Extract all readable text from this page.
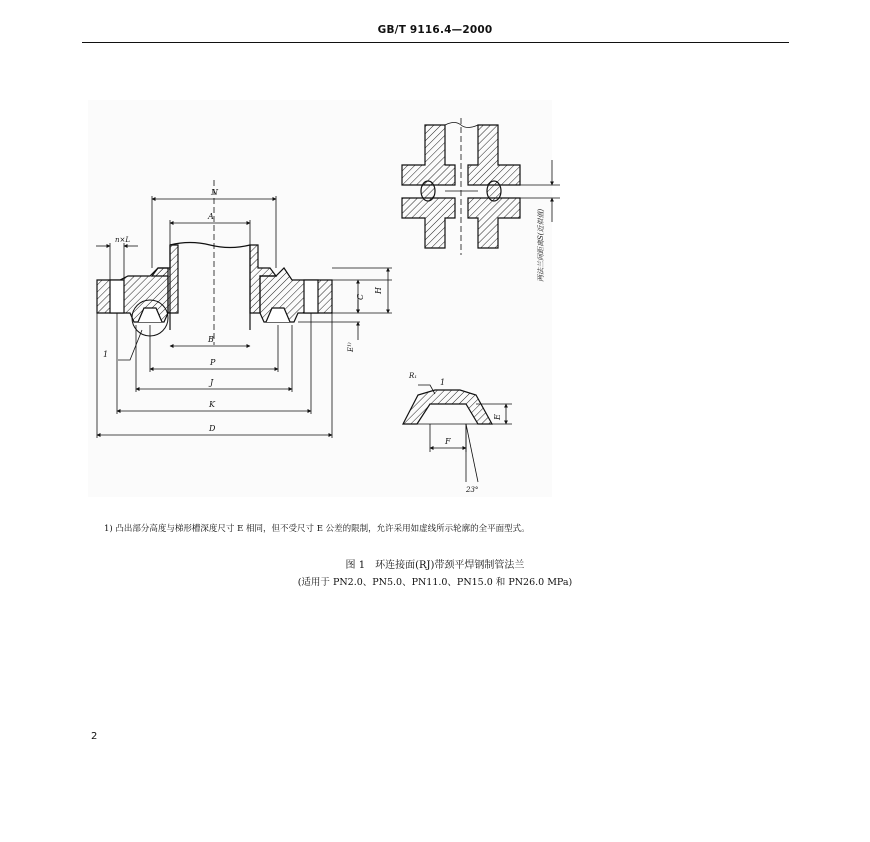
GB/T 9116.4—2000
N
A
n×L
B
P
J
K
D
C
H
E¹⁾
1
两法兰间距离S(近似值)
R₁
1
E
F
23°
1) 凸出部分高度与梯形槽深度尺寸 E 相同，但不受尺寸 E 公差的限制，允许采用如虚线所示轮廓的全平面型式。
图 1　环连接面(RJ)带颈平焊钢制管法兰
(适用于 PN2.0、PN5.0、PN11.0、PN15.0 和 PN26.0 MPa)
2
